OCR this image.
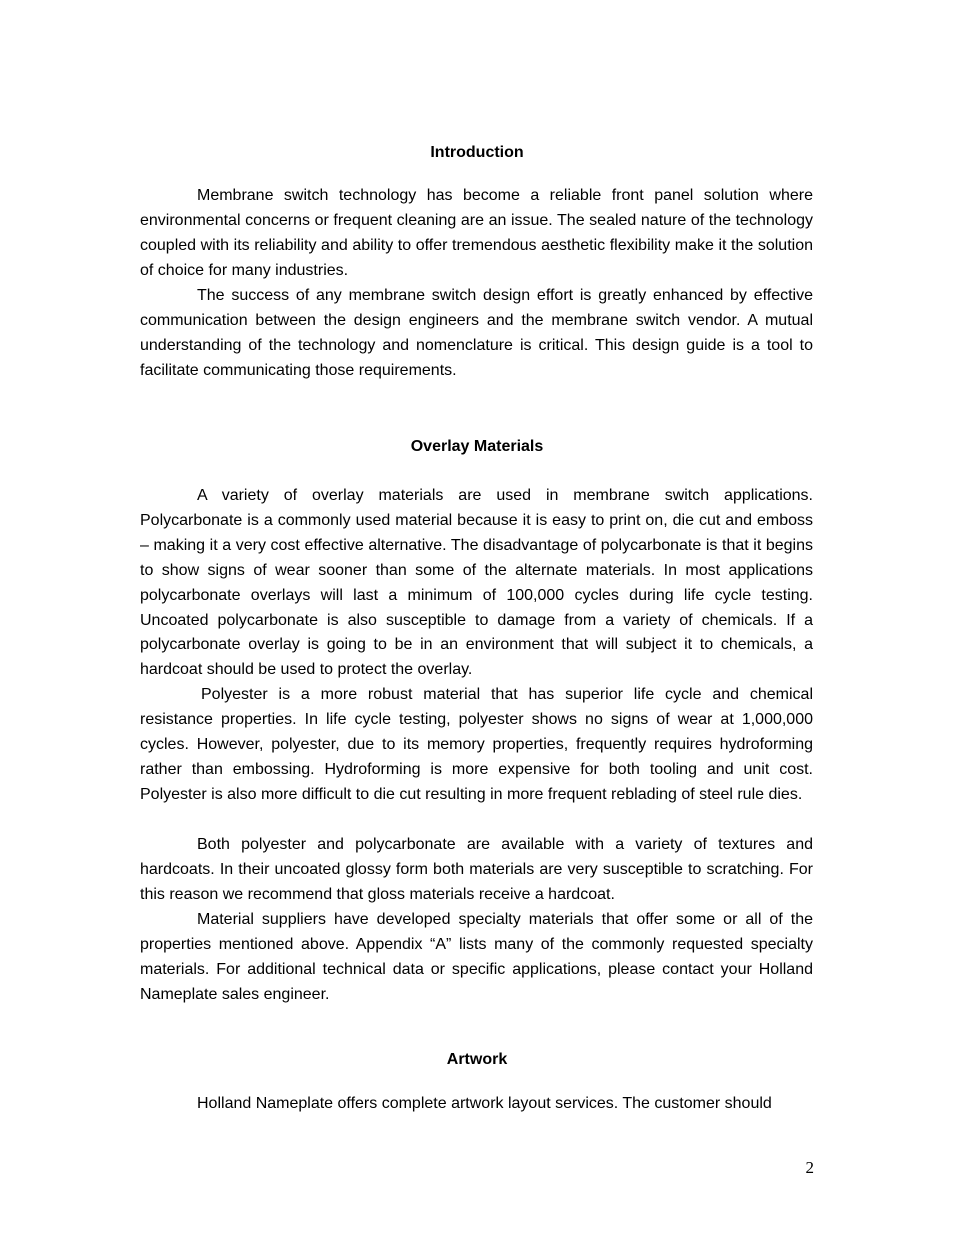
Introduction

Membrane switch technology has become a reliable front panel solution where environmental concerns or frequent cleaning are an issue. The sealed nature of the technology coupled with its reliability and ability to offer tremendous aesthetic flexibility make it the solution of choice for many industries.

The success of any membrane switch design effort is greatly enhanced by effective communication between the design engineers and the membrane switch vendor. A mutual understanding of the technology and nomenclature is critical. This design guide is a tool to facilitate communicating those requirements.

Overlay Materials

A variety of overlay materials are used in membrane switch applications. Polycarbonate is a commonly used material because it is easy to print on, die cut and emboss – making it a very cost effective alternative. The disadvantage of polycarbonate is that it begins to show signs of wear sooner than some of the alternate materials. In most applications polycarbonate overlays will last a minimum of 100,000 cycles during life cycle testing. Uncoated polycarbonate is also susceptible to damage from a variety of chemicals. If a polycarbonate overlay is going to be in an environment that will subject it to chemicals, a hardcoat should be used to protect the overlay.

Polyester is a more robust material that has superior life cycle and chemical resistance properties. In life cycle testing, polyester shows no signs of wear at 1,000,000 cycles. However, polyester, due to its memory properties, frequently requires hydroforming rather than embossing. Hydroforming is more expensive for both tooling and unit cost. Polyester is also more difficult to die cut resulting in more frequent reblading of steel rule dies.

Both polyester and polycarbonate are available with a variety of textures and hardcoats. In their uncoated glossy form both materials are very susceptible to scratching. For this reason we recommend that gloss materials receive a hardcoat.

Material suppliers have developed specialty materials that offer some or all of the properties mentioned above. Appendix “A” lists many of the commonly requested specialty materials. For additional technical data or specific applications, please contact your Holland Nameplate sales engineer.

Artwork

Holland Nameplate offers complete artwork layout services. The customer should

2
